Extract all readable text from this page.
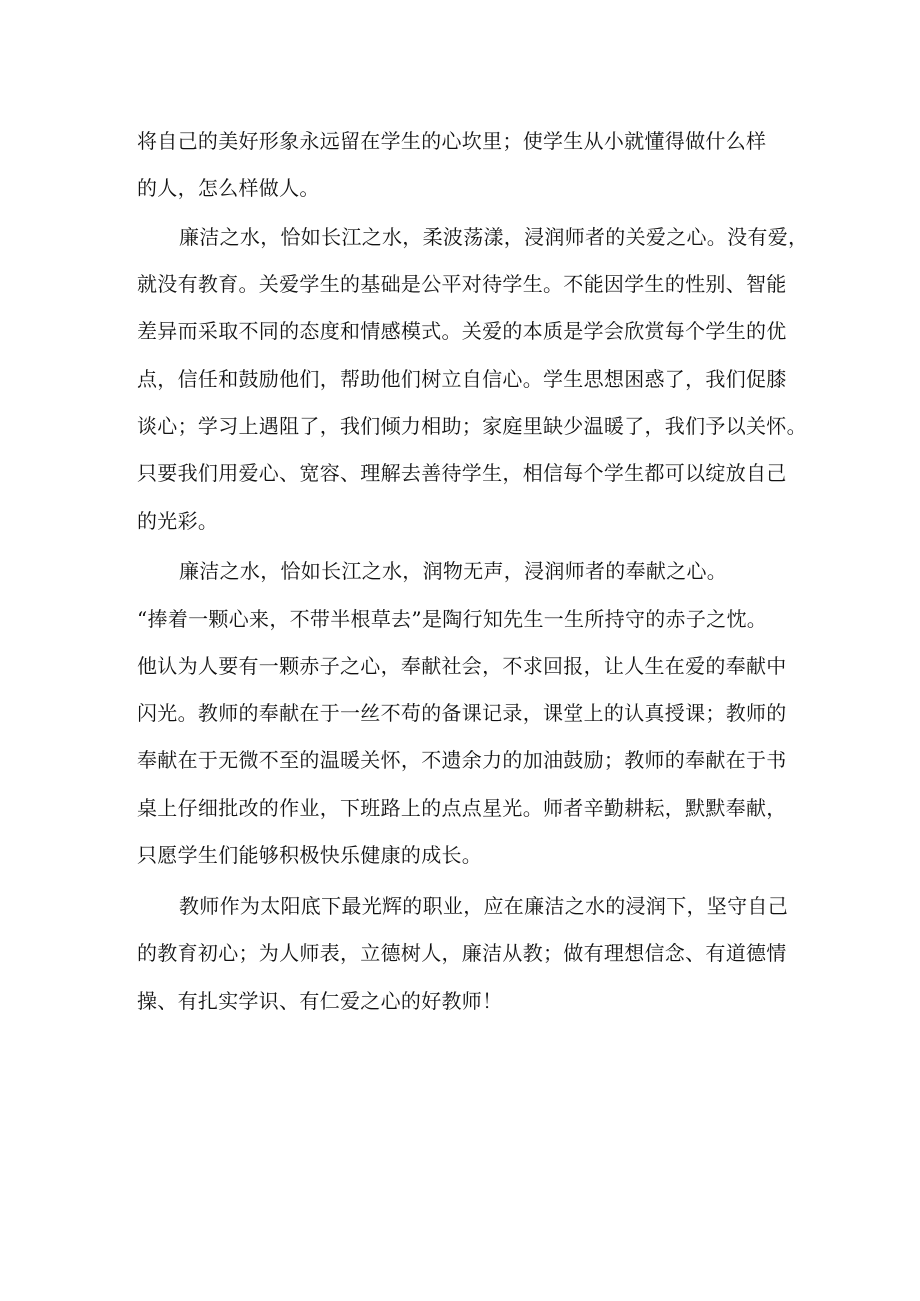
将自己的美好形象永远留在学生的心坎里；使学生从小就懂得做什么样
的人，怎么样做人。
廉洁之水，恰如长江之水，柔波荡漾，浸润师者的关爱之心。没有爱，
就没有教育。关爱学生的基础是公平对待学生。不能因学生的性别、智能
差异而采取不同的态度和情感模式。关爱的本质是学会欣赏每个学生的优
点，信任和鼓励他们，帮助他们树立自信心。学生思想困惑了，我们促膝
谈心；学习上遇阻了，我们倾力相助；家庭里缺少温暖了，我们予以关怀。
只要我们用爱心、宽容、理解去善待学生，相信每个学生都可以绽放自己
的光彩。
廉洁之水，恰如长江之水，润物无声，浸润师者的奉献之心。
“捧着一颗心来，不带半根草去”是陶行知先生一生所持守的赤子之忱。
他认为人要有一颗赤子之心，奉献社会，不求回报，让人生在爱的奉献中
闪光。教师的奉献在于一丝不苟的备课记录，课堂上的认真授课；教师的
奉献在于无微不至的温暖关怀，不遗余力的加油鼓励；教师的奉献在于书
桌上仔细批改的作业，下班路上的点点星光。师者辛勤耕耘，默默奉献，
只愿学生们能够积极快乐健康的成长。
教师作为太阳底下最光辉的职业，应在廉洁之水的浸润下，坚守自己
的教育初心；为人师表，立德树人，廉洁从教；做有理想信念、有道德情
操、有扎实学识、有仁爱之心的好教师！
